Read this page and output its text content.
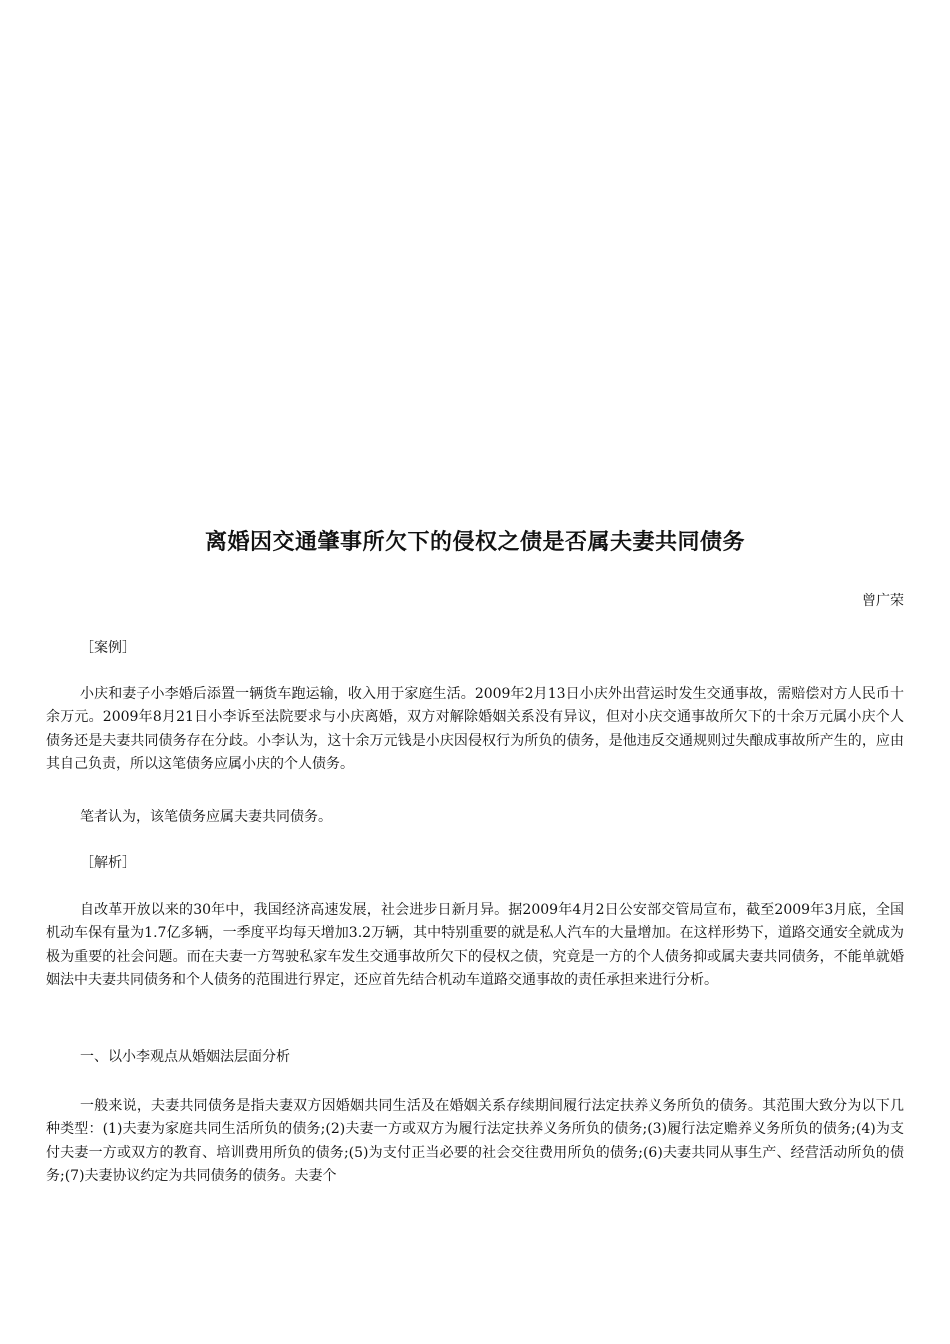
离婚因交通肇事所欠下的侵权之债是否属夫妻共同债务
曾广荣

［案例］

小庆和妻子小李婚后添置一辆货车跑运输，收入用于家庭生活。2009年2月13日小庆外出营运时发生交通事故，需赔偿对方人民币十余万元。2009年8月21日小李诉至法院要求与小庆离婚，双方对解除婚姻关系没有异议，但对小庆交通事故所欠下的十余万元属小庆个人债务还是夫妻共同债务存在分歧。小李认为，这十余万元钱是小庆因侵权行为所负的债务，是他违反交通规则过失酿成事故所产生的，应由其自己负责，所以这笔债务应属小庆的个人债务。

笔者认为，该笔债务应属夫妻共同债务。

［解析］

自改革开放以来的30年中，我国经济高速发展，社会进步日新月异。据2009年4月2日公安部交管局宣布，截至2009年3月底，全国机动车保有量为1.7亿多辆，一季度平均每天增加3.2万辆，其中特别重要的就是私人汽车的大量增加。在这样形势下，道路交通安全就成为极为重要的社会问题。而在夫妻一方驾驶私家车发生交通事故所欠下的侵权之债，究竟是一方的个人债务抑或属夫妻共同债务，不能单就婚姻法中夫妻共同债务和个人债务的范围进行界定，还应首先结合机动车道路交通事故的责任承担来进行分析。

一、以小李观点从婚姻法层面分析

一般来说，夫妻共同债务是指夫妻双方因婚姻共同生活及在婚姻关系存续期间履行法定扶养义务所负的债务。其范围大致分为以下几种类型：(1)夫妻为家庭共同生活所负的债务;(2)夫妻一方或双方为履行法定扶养义务所负的债务;(3)履行法定赡养义务所负的债务;(4)为支付夫妻一方或双方的教育、培训费用所负的债务;(5)为支付正当必要的社会交往费用所负的债务;(6)夫妻共同从事生产、经营活动所负的债务;(7)夫妻协议约定为共同债务的债务。夫妻个
